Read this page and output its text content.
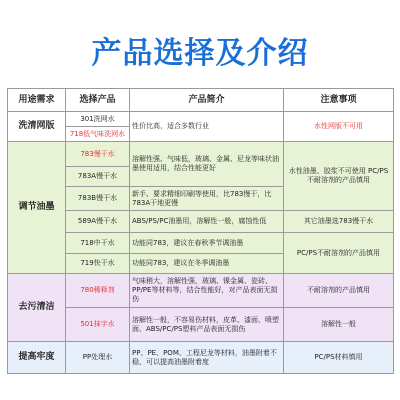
产品选择及介绍
用途需求	选择产品	产品简介	注意事项
洗清网版	301洗网水	性价比高，适合多数行业	水性网版不可用
	718低气味洗网水		
调节油墨	783慢干水	溶解性强、气味低，玻璃、金属、尼龙等味状油墨使用适用，结合性能更好	水性油墨、胶浆不可使用 PC/PS不耐溶剂的产品慎用
	783A慢干水		
	783B慢干水	新手、要求精细印刷等使用，比783慢干，比783A干地更慢	
	589A慢干水	ABS/PS/PC油墨用，溶解性一般，腐蚀性低	其它油墨选783慢干水
	718中干水	功能同783，建议在春秋季节调油墨	PC/PS不耐溶剂的产品慎用
	719快干水	功能同783，建议在冬季调油墨	
去污清洁	780稀释剂	气味稍大，溶解性强，玻璃、镍金属、瓷砖、PP/PE等材料等，结合性能好，对产品表面无损伤	不耐溶剂的产品慎用
	501抹字水	溶解性一般，不容易伤材料，皮革、漆面、喷塑面、ABS/PC/PS塑料产品表面无损伤	溶解性一般
提高牢度	PP处理水	PP、PE、POM、工程尼龙等材料，油墨附着不稳，可以提高油墨附着度	PC/PS材料慎用
